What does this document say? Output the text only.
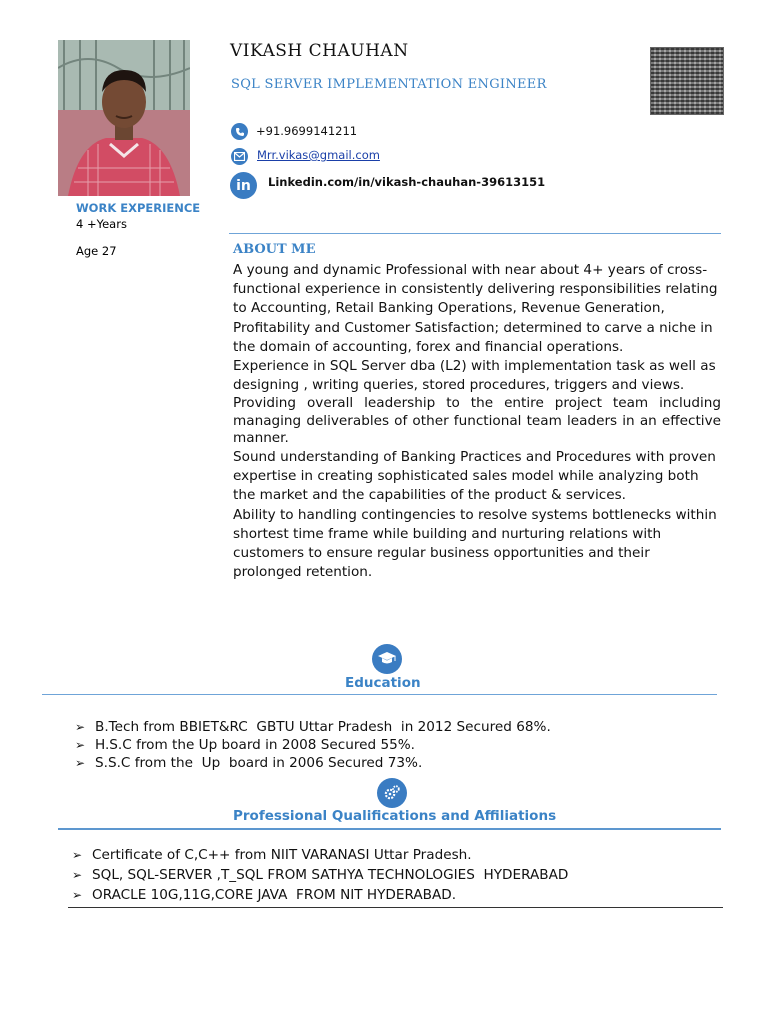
VIKASH CHAUHAN
SQL SERVER IMPLEMENTATION ENGINEER
+91.9699141211
Mrr.vikas@gmail.com
in Linkedin.com/in/vikash-chauhan-39613151
WORK EXPERIENCE
4 +Years
Age 27	ABOUT ME

A young and dynamic Professional with near about 4+ years of cross-functional experience in consistently delivering responsibilities relating to Accounting, Retail Banking Operations, Revenue Generation, Profitability and Customer Satisfaction; determined to carve a niche in the domain of accounting, forex and financial operations.

Experience in SQL Server dba (L2) with implementation task as well as designing , writing queries, stored procedures, triggers and views.

Providing overall leadership to the entire project team including managing deliverables of other functional team leaders in an effective manner.

Sound understanding of Banking Practices and Procedures with proven expertise in creating sophisticated sales model while analyzing both the market and the capabilities of the product & services.

Ability to handling contingencies to resolve systems bottlenecks within shortest time frame while building and nurturing relations with customers to ensure regular business opportunities and their prolonged retention.

Education
➢ B.Tech from BBIET&RC  GBTU Uttar Pradesh  in 2012 Secured 68%.
➢ H.S.C from the Up board in 2008 Secured 55%.
➢ S.S.C from the  Up  board in 2006 Secured 73%.
Professional Qualifications and Affiliations
➢ Certificate of C,C++ from NIIT VARANASI Uttar Pradesh.
➢ SQL, SQL-SERVER ,T_SQL FROM SATHYA TECHNOLOGIES  HYDERABAD
➢ ORACLE 10G,11G,CORE JAVA  FROM NIT HYDERABAD.
